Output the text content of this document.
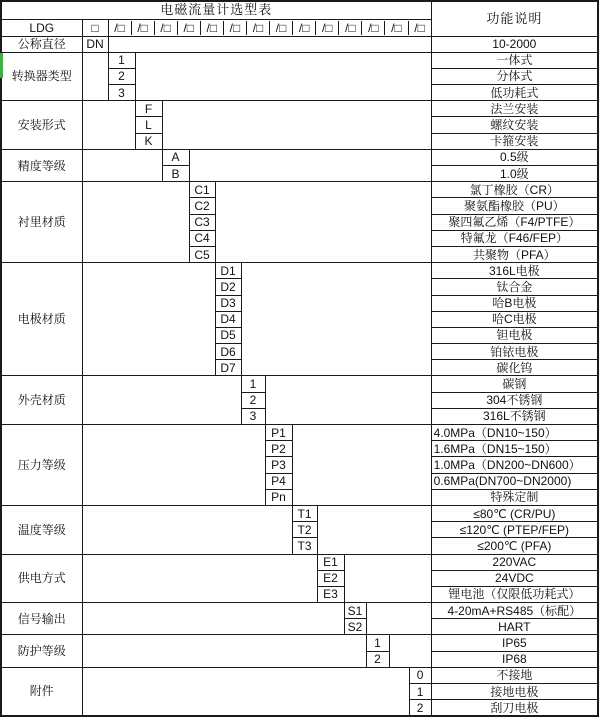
电磁流量计选型表															功能说明
LDG	□	/□	/□	/□	/□	/□	/□	/□	/□	/□	/□	/□	/□	/□	/□

公称直径	DN														10-2000
转换器类型		1													一体式
		2													分体式
		3													低功耗式
安装形式			F												法兰安装
			L												螺纹安装
			K												卡箍安装
精度等级				A											0.5级
				B											1.0级
衬里材质					C1										氯丁橡胶（CR）
					C2										聚氨酯橡胶（PU）
					C3										聚四氟乙烯（F4/PTFE）
					C4										特氟龙（F46/FEP）
					C5										共聚物（PFA）
电极材质						D1									316L电极
						D2									钛合金
						D3									哈B电极
						D4									哈C电极
						D5									钽电极
						D6									铂铱电极
						D7									碳化钨
外壳材质							1								碳钢
							2								304不锈钢
							3								316L不锈钢
压力等级								P1							4.0MPa（DN10~150）
								P2							1.6MPa（DN15~150）
								P3							1.0MPa（DN200~DN600）
								P4							0.6MPa(DN700~DN2000)
								Pn							特殊定制
温度等级									T1						≤80℃ (CR/PU)
									T2						≤120℃ (PTEP/FEP)
									T3						≤200℃ (PFA)
供电方式										E1					220VAC
										E2					24VDC
										E3					锂电池（仅限低功耗式）
信号输出											S1				4-20mA+RS485（标配）
											S2				HART
防护等级												1			IP65
												2			IP68
附件														0	不接地
														1	接地电极
														2	刮刀电极
